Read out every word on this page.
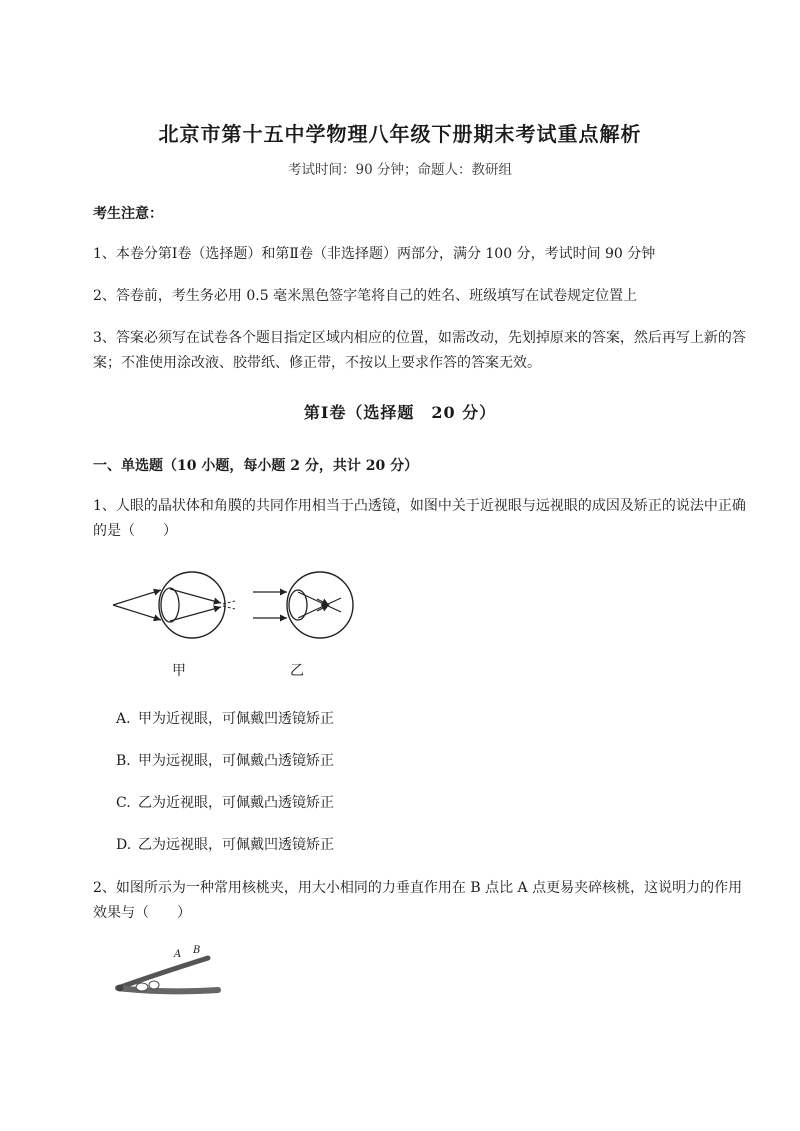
北京市第十五中学物理八年级下册期末考试重点解析
考试时间：90 分钟；命题人：教研组
考生注意：
1、本卷分第Ⅰ卷（选择题）和第Ⅱ卷（非选择题）两部分，满分 100 分，考试时间 90 分钟
2、答卷前，考生务必用 0.5 毫米黑色签字笔将自己的姓名、班级填写在试卷规定位置上
3、答案必须写在试卷各个题目指定区域内相应的位置，如需改动，先划掉原来的答案，然后再写上新的答案；不准使用涂改液、胶带纸、修正带，不按以上要求作答的答案无效。
第Ⅰ卷（选择题　20 分）
一、单选题（10 小题，每小题 2 分，共计 20 分）
1、人眼的晶状体和角膜的共同作用相当于凸透镜，如图中关于近视眼与远视眼的成因及矫正的说法中正确的是（　　）
甲	乙
A. 甲为近视眼，可佩戴凹透镜矫正
B. 甲为远视眼，可佩戴凸透镜矫正
C. 乙为近视眼，可佩戴凸透镜矫正
D. 乙为远视眼，可佩戴凹透镜矫正
2、如图所示为一种常用核桃夹，用大小相同的力垂直作用在 B 点比 A 点更易夹碎核桃，这说明力的作用效果与（　　）
A B
